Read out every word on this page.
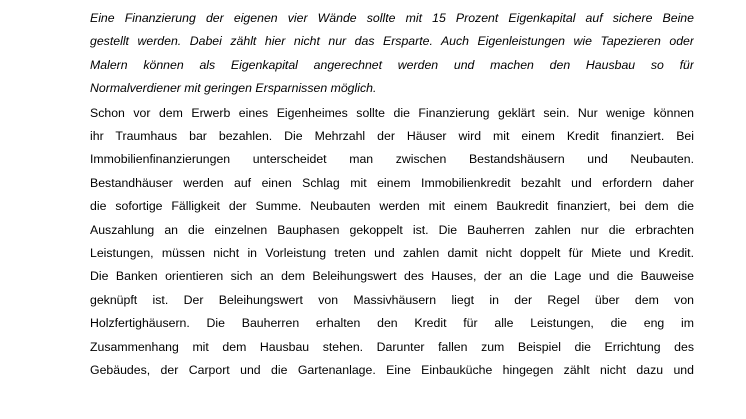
Eine Finanzierung der eigenen vier Wände sollte mit 15 Prozent Eigenkapital auf sichere Beine
gestellt werden. Dabei zählt hier nicht nur das Ersparte. Auch Eigenleistungen wie Tapezieren oder
Malern können als Eigenkapital angerechnet werden und machen den Hausbau so für
Normalverdiener mit geringen Ersparnissen möglich.

Schon vor dem Erwerb eines Eigenheimes sollte die Finanzierung geklärt sein. Nur wenige können
ihr Traumhaus bar bezahlen. Die Mehrzahl der Häuser wird mit einem Kredit finanziert. Bei
Immobilienfinanzierungen unterscheidet man zwischen Bestandshäusern und Neubauten.
Bestandhäuser werden auf einen Schlag mit einem Immobilienkredit bezahlt und erfordern daher
die sofortige Fälligkeit der Summe. Neubauten werden mit einem Baukredit finanziert, bei dem die
Auszahlung an die einzelnen Bauphasen gekoppelt ist. Die Bauherren zahlen nur die erbrachten
Leistungen, müssen nicht in Vorleistung treten und zahlen damit nicht doppelt für Miete und Kredit.
Die Banken orientieren sich an dem Beleihungswert des Hauses, der an die Lage und die Bauweise
geknüpft ist. Der Beleihungswert von Massivhäusern liegt in der Regel über dem von
Holzfertighäusern. Die Bauherren erhalten den Kredit für alle Leistungen, die eng im
Zusammenhang mit dem Hausbau stehen. Darunter fallen zum Beispiel die Errichtung des
Gebäudes, der Carport und die Gartenanlage. Eine Einbauküche hingegen zählt nicht dazu und
